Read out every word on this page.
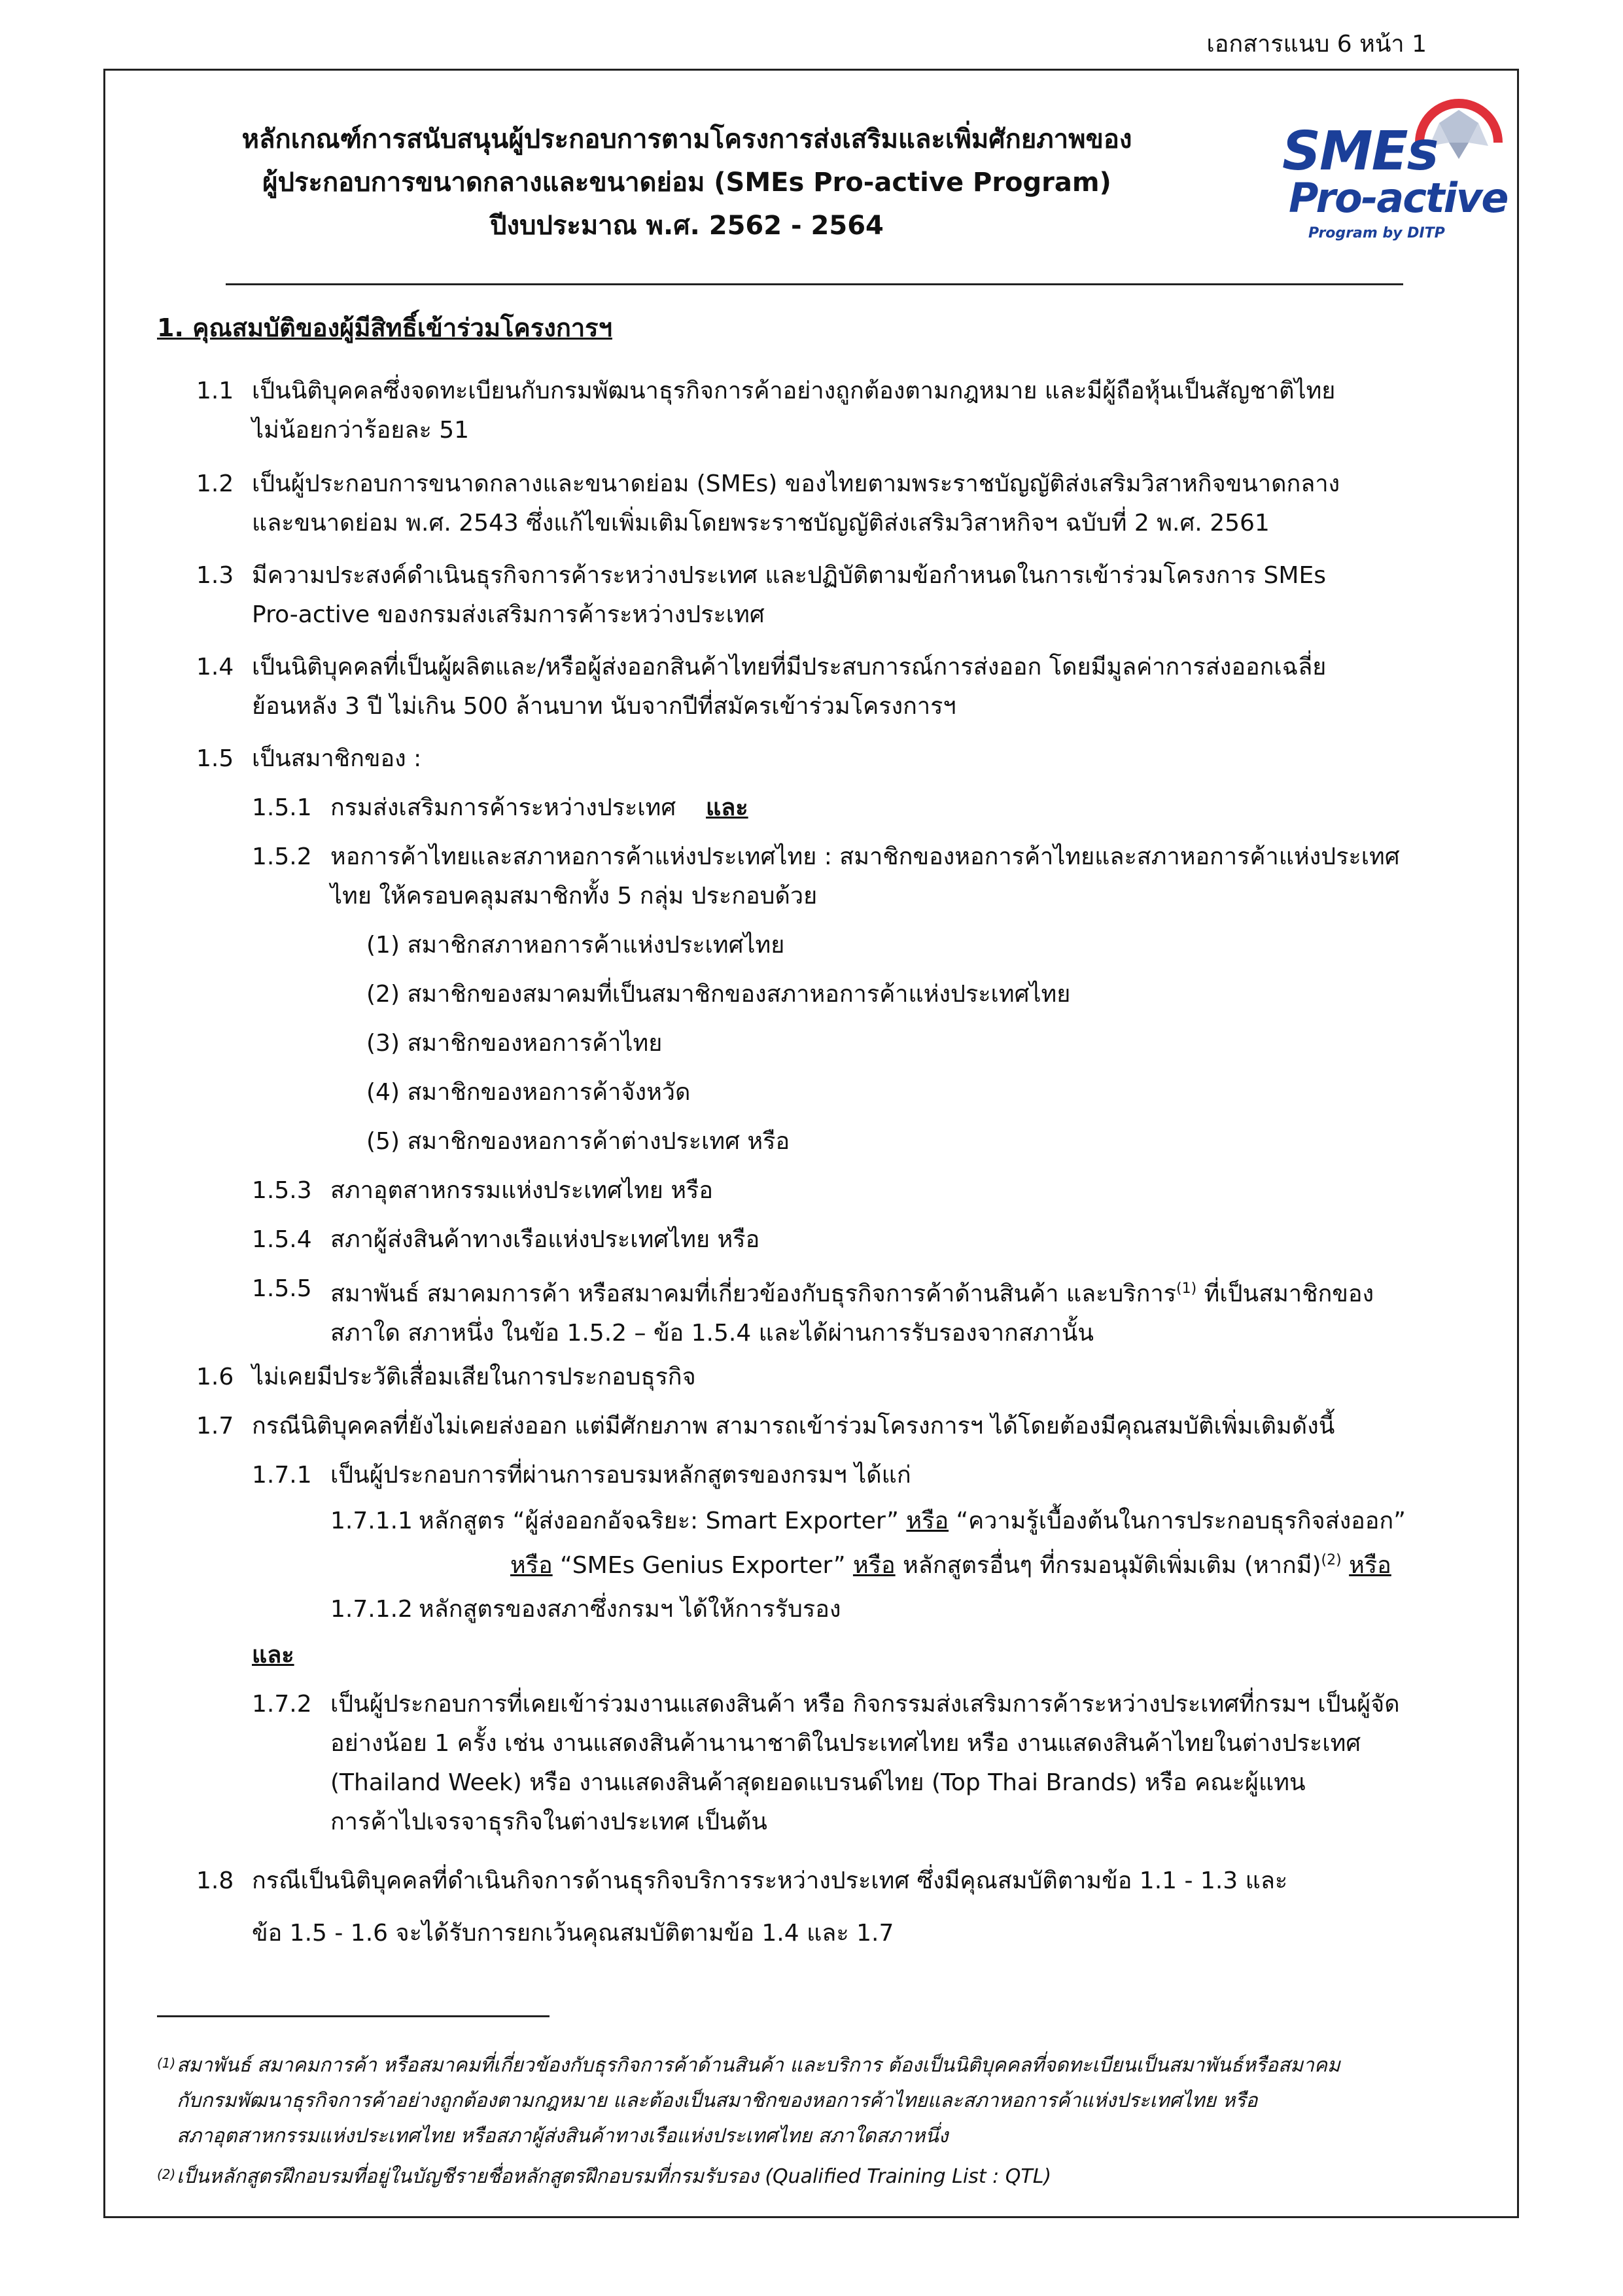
เอกสารแนบ 6 หน้า 1
หลักเกณฑ์การสนับสนุนผู้ประกอบการตามโครงการส่งเสริมและเพิ่มศักยภาพของ
ผู้ประกอบการขนาดกลางและขนาดย่อม (SMEs Pro-active Program)
ปีงบประมาณ พ.ศ. 2562 - 2564
SMEs
Pro-active
Program by DITP
1. คุณสมบัติของผู้มีสิทธิ์เข้าร่วมโครงการฯ
1.1 เป็นนิติบุคคลซึ่งจดทะเบียนกับกรมพัฒนาธุรกิจการค้าอย่างถูกต้องตามกฎหมาย และมีผู้ถือหุ้นเป็นสัญชาติไทย
ไม่น้อยกว่าร้อยละ 51
1.2 เป็นผู้ประกอบการขนาดกลางและขนาดย่อม (SMEs) ของไทยตามพระราชบัญญัติส่งเสริมวิสาหกิจขนาดกลาง
และขนาดย่อม พ.ศ. 2543 ซึ่งแก้ไขเพิ่มเติมโดยพระราชบัญญัติส่งเสริมวิสาหกิจฯ ฉบับที่ 2 พ.ศ. 2561
1.3 มีความประสงค์ดำเนินธุรกิจการค้าระหว่างประเทศ และปฏิบัติตามข้อกำหนดในการเข้าร่วมโครงการ SMEs
Pro-active ของกรมส่งเสริมการค้าระหว่างประเทศ
1.4 เป็นนิติบุคคลที่เป็นผู้ผลิตและ/หรือผู้ส่งออกสินค้าไทยที่มีประสบการณ์การส่งออก โดยมีมูลค่าการส่งออกเฉลี่ย
ย้อนหลัง 3 ปี ไม่เกิน 500 ล้านบาท นับจากปีที่สมัครเข้าร่วมโครงการฯ
1.5 เป็นสมาชิกของ :
1.5.1 กรมส่งเสริมการค้าระหว่างประเทศ และ
1.5.2 หอการค้าไทยและสภาหอการค้าแห่งประเทศไทย : สมาชิกของหอการค้าไทยและสภาหอการค้าแห่งประเทศ
ไทย ให้ครอบคลุมสมาชิกทั้ง 5 กลุ่ม ประกอบด้วย
(1) สมาชิกสภาหอการค้าแห่งประเทศไทย
(2) สมาชิกของสมาคมที่เป็นสมาชิกของสภาหอการค้าแห่งประเทศไทย
(3) สมาชิกของหอการค้าไทย
(4) สมาชิกของหอการค้าจังหวัด
(5) สมาชิกของหอการค้าต่างประเทศ หรือ
1.5.3 สภาอุตสาหกรรมแห่งประเทศไทย หรือ
1.5.4 สภาผู้ส่งสินค้าทางเรือแห่งประเทศไทย หรือ
1.5.5 สมาพันธ์ สมาคมการค้า หรือสมาคมที่เกี่ยวข้องกับธุรกิจการค้าด้านสินค้า และบริการ$^{(1)}$ ที่เป็นสมาชิกของ
สภาใด สภาหนึ่ง ในข้อ 1.5.2 – ข้อ 1.5.4 และได้ผ่านการรับรองจากสภานั้น
1.6 ไม่เคยมีประวัติเสื่อมเสียในการประกอบธุรกิจ
1.7 กรณีนิติบุคคลที่ยังไม่เคยส่งออก แต่มีศักยภาพ สามารถเข้าร่วมโครงการฯ ได้โดยต้องมีคุณสมบัติเพิ่มเติมดังนี้
1.7.1 เป็นผู้ประกอบการที่ผ่านการอบรมหลักสูตรของกรมฯ ได้แก่
1.7.1.1 หลักสูตร “ผู้ส่งออกอัจฉริยะ: Smart Exporter” หรือ “ความรู้เบื้องต้นในการประกอบธุรกิจส่งออก”
หรือ “SMEs Genius Exporter” หรือ หลักสูตรอื่นๆ ที่กรมอนุมัติเพิ่มเติม (หากมี)$^{(2)}$ หรือ
1.7.1.2 หลักสูตรของสภาซึ่งกรมฯ ได้ให้การรับรอง
และ
1.7.2 เป็นผู้ประกอบการที่เคยเข้าร่วมงานแสดงสินค้า หรือ กิจกรรมส่งเสริมการค้าระหว่างประเทศที่กรมฯ เป็นผู้จัด
อย่างน้อย 1 ครั้ง เช่น งานแสดงสินค้านานาชาติในประเทศไทย หรือ งานแสดงสินค้าไทยในต่างประเทศ
(Thailand Week) หรือ งานแสดงสินค้าสุดยอดแบรนด์ไทย (Top Thai Brands) หรือ คณะผู้แทน
การค้าไปเจรจาธุรกิจในต่างประเทศ เป็นต้น
1.8 กรณีเป็นนิติบุคคลที่ดำเนินกิจการด้านธุรกิจบริการระหว่างประเทศ ซึ่งมีคุณสมบัติตามข้อ 1.1 - 1.3 และ
ข้อ 1.5 - 1.6 จะได้รับการยกเว้นคุณสมบัติตามข้อ 1.4 และ 1.7
(1) สมาพันธ์ สมาคมการค้า หรือสมาคมที่เกี่ยวข้องกับธุรกิจการค้าด้านสินค้า และบริการ ต้องเป็นนิติบุคคลที่จดทะเบียนเป็นสมาพันธ์หรือสมาคม
กับกรมพัฒนาธุรกิจการค้าอย่างถูกต้องตามกฎหมาย และต้องเป็นสมาชิกของหอการค้าไทยและสภาหอการค้าแห่งประเทศไทย หรือ
สภาอุตสาหกรรมแห่งประเทศไทย หรือสภาผู้ส่งสินค้าทางเรือแห่งประเทศไทย สภาใดสภาหนึ่ง
(2) เป็นหลักสูตรฝึกอบรมที่อยู่ในบัญชีรายชื่อหลักสูตรฝึกอบรมที่กรมรับรอง (Qualified Training List : QTL)
